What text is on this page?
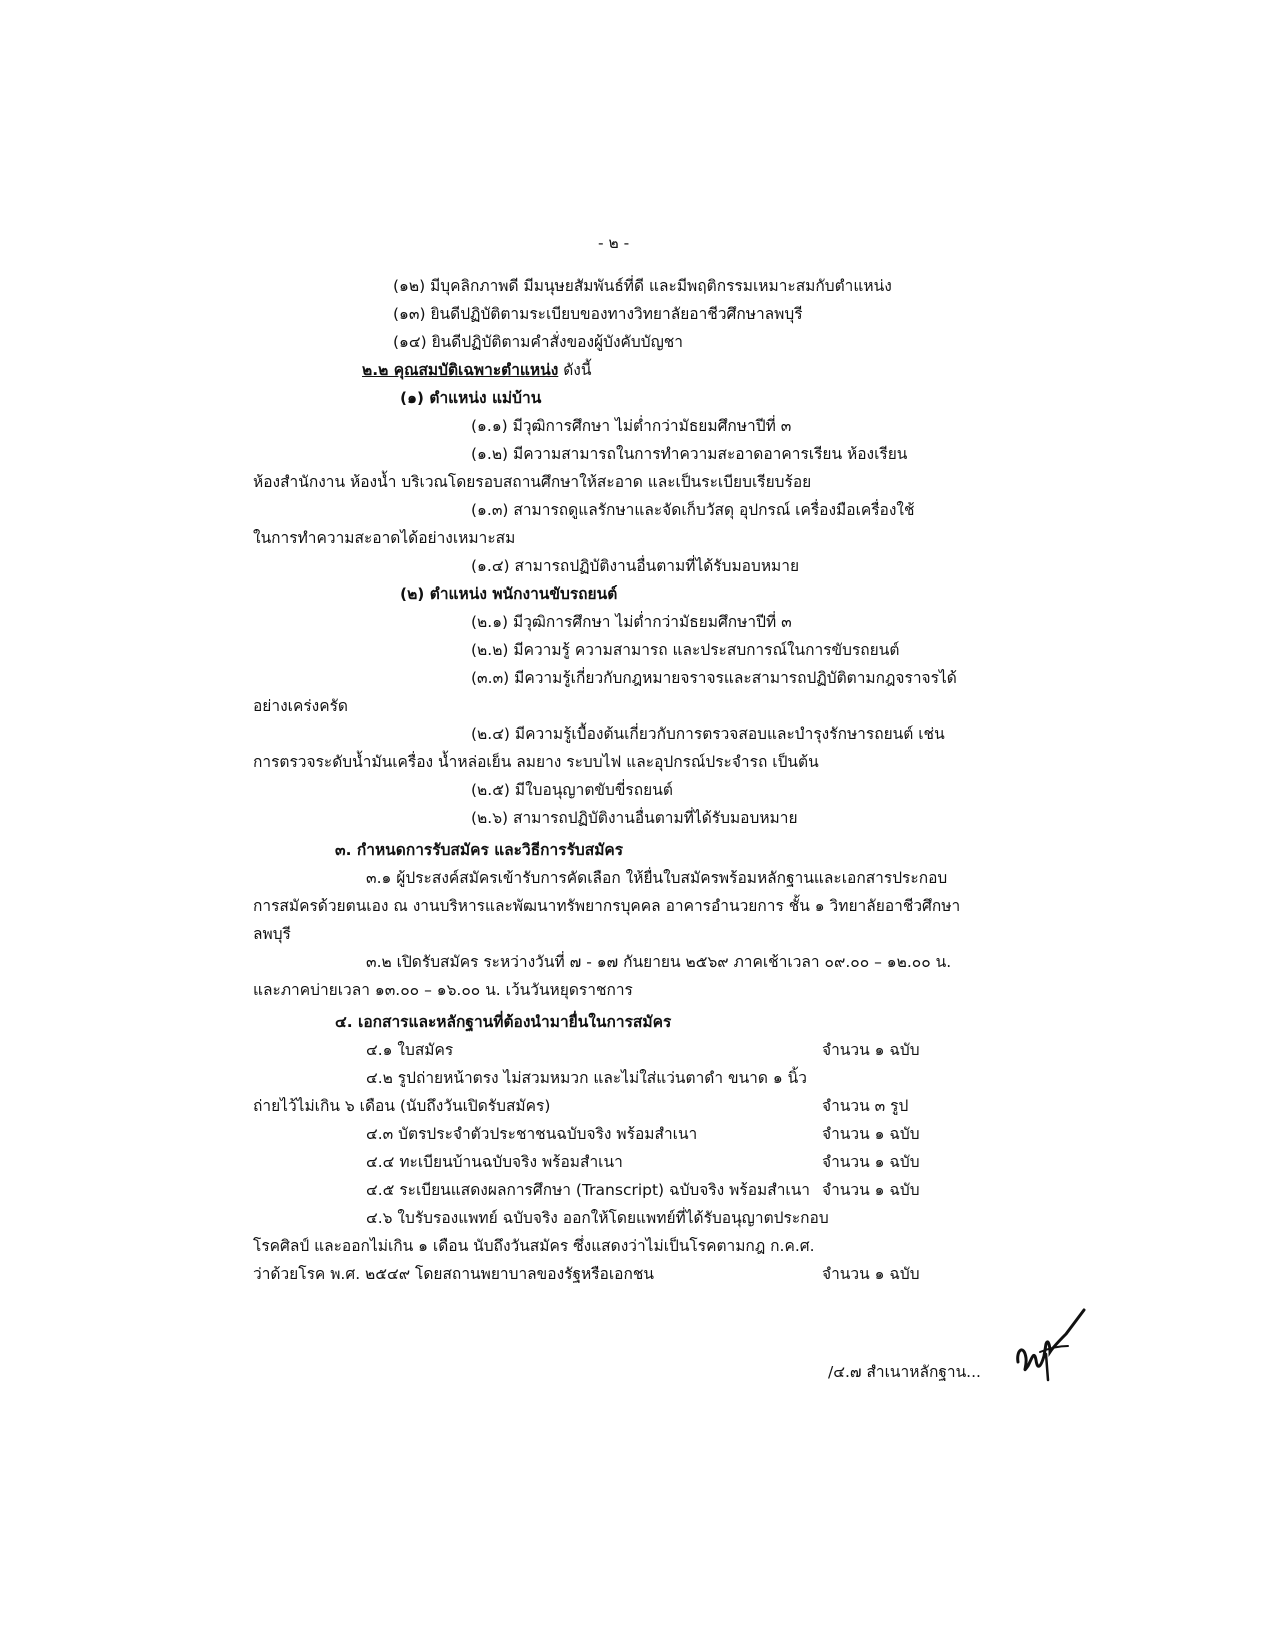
- ๒ -
(๑๒) มีบุคลิกภาพดี มีมนุษยสัมพันธ์ที่ดี และมีพฤติกรรมเหมาะสมกับตำแหน่ง
(๑๓) ยินดีปฏิบัติตามระเบียบของทางวิทยาลัยอาชีวศึกษาลพบุรี
(๑๔) ยินดีปฏิบัติตามคำสั่งของผู้บังคับบัญชา
๒.๒ คุณสมบัติเฉพาะตำแหน่ง ดังนี้
(๑) ตำแหน่ง แม่บ้าน
(๑.๑) มีวุฒิการศึกษา ไม่ต่ำกว่ามัธยมศึกษาปีที่ ๓
(๑.๒) มีความสามารถในการทำความสะอาดอาคารเรียน ห้องเรียน
ห้องสำนักงาน ห้องน้ำ บริเวณโดยรอบสถานศึกษาให้สะอาด และเป็นระเบียบเรียบร้อย
(๑.๓) สามารถดูแลรักษาและจัดเก็บวัสดุ อุปกรณ์ เครื่องมือเครื่องใช้
ในการทำความสะอาดได้อย่างเหมาะสม
(๑.๔) สามารถปฏิบัติงานอื่นตามที่ได้รับมอบหมาย
(๒) ตำแหน่ง พนักงานขับรถยนต์
(๒.๑) มีวุฒิการศึกษา ไม่ต่ำกว่ามัธยมศึกษาปีที่ ๓
(๒.๒) มีความรู้ ความสามารถ และประสบการณ์ในการขับรถยนต์
(๓.๓) มีความรู้เกี่ยวกับกฎหมายจราจรและสามารถปฏิบัติตามกฎจราจรได้
อย่างเคร่งครัด
(๒.๔) มีความรู้เบื้องต้นเกี่ยวกับการตรวจสอบและบำรุงรักษารถยนต์ เช่น
การตรวจระดับน้ำมันเครื่อง น้ำหล่อเย็น ลมยาง ระบบไฟ และอุปกรณ์ประจำรถ เป็นต้น
(๒.๕) มีใบอนุญาตขับขี่รถยนต์
(๒.๖) สามารถปฏิบัติงานอื่นตามที่ได้รับมอบหมาย
๓. กำหนดการรับสมัคร และวิธีการรับสมัคร
๓.๑ ผู้ประสงค์สมัครเข้ารับการคัดเลือก ให้ยื่นใบสมัครพร้อมหลักฐานและเอกสารประกอบ
การสมัครด้วยตนเอง ณ งานบริหารและพัฒนาทรัพยากรบุคคล อาคารอำนวยการ ชั้น ๑ วิทยาลัยอาชีวศึกษา
ลพบุรี
๓.๒ เปิดรับสมัคร ระหว่างวันที่ ๗ - ๑๗ กันยายน ๒๕๖๙ ภาคเช้าเวลา ๐๙.๐๐ – ๑๒.๐๐ น.
และภาคบ่ายเวลา ๑๓.๐๐ – ๑๖.๐๐ น. เว้นวันหยุดราชการ
๔. เอกสารและหลักฐานที่ต้องนำมายื่นในการสมัคร
๔.๑ ใบสมัคร	จำนวน ๑ ฉบับ
๔.๒ รูปถ่ายหน้าตรง ไม่สวมหมวก และไม่ใส่แว่นตาดำ ขนาด ๑ นิ้ว
ถ่ายไว้ไม่เกิน ๖ เดือน (นับถึงวันเปิดรับสมัคร)	จำนวน ๓ รูป
๔.๓ บัตรประจำตัวประชาชนฉบับจริง พร้อมสำเนา	จำนวน ๑ ฉบับ
๔.๔ ทะเบียนบ้านฉบับจริง พร้อมสำเนา	จำนวน ๑ ฉบับ
๔.๕ ระเบียนแสดงผลการศึกษา (Transcript) ฉบับจริง พร้อมสำเนา จำนวน ๑ ฉบับ
๔.๖ ใบรับรองแพทย์ ฉบับจริง ออกให้โดยแพทย์ที่ได้รับอนุญาตประกอบ
โรคศิลป์ และออกไม่เกิน ๑ เดือน นับถึงวันสมัคร ซึ่งแสดงว่าไม่เป็นโรคตามกฎ ก.ค.ศ.
ว่าด้วยโรค พ.ศ. ๒๕๔๙ โดยสถานพยาบาลของรัฐหรือเอกชน	จำนวน ๑ ฉบับ
/๔.๗ สำเนาหลักฐาน...
